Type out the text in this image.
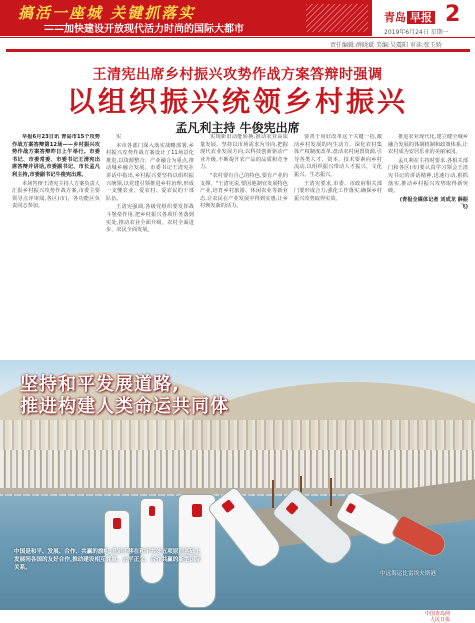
搞活一座城 关键抓落实
——加快建设开放现代活力时尚的国际大都市
青岛 早报 2
2019年6月24日 星期一
责任编辑:薛晓斌 美编:吴震阳 审读:张玉娇
王清宪出席乡村振兴攻势作战方案答辩时强调
以组织振兴统领乡村振兴
孟凡利主持 牛俊宪出席

早报6月23日讯 青岛市15个攻势作战方案答辩第12场——乡村振兴攻势作战方案答辩昨日上午举行。市委书记、市委常委、市委书记王清宪出席答辩并讲话,市委副书记、市长孟凡利主持,市委副书记牛俊宪出席。

本场答辩王清宪主持人方案负责人汇报乡村振兴攻势作战方案,市委主要领导点评审阅,各区(市)、各功能区负责同志参加。

实

本市各部门深入落实战略部署,乡村振兴攻势作战方案设计了11场景化推进,以资源整合、产业融合为重点,推动城乡融合发展。市委书记王清宪在讲话中指出,乡村振兴要坚持以组织振兴统领,以党建引领推进乡村治理,形成一支懂农业、爱农村、爱农民的干部队伍。

王清宪强调,各级党组织要发挥战斗堡垒作用,把乡村振兴各项任务落到实处,推动农业全面升级、农村全面进步、农民全面发展。

实现新旧动能转换,推动农业高质量发展。坚持以市场需求为导向,把握现代农业发展方向,以科技创新驱动产业升级,不断提升农产品的品质和竞争力。

"农村要有自己的特色,要有产业的支撑。"王清宪说,要因地制宜发展特色产业,培育乡村旅游、休闲农业等新业态,让农民在产业发展中得到实惠,让乡村焕发新的活力。

要善于用好改革这个关键一招,激活乡村发展的内生动力。深化农村集体产权制度改革,盘活农村闲置资源,引导各类人才、资本、技术要素向乡村流动,以组织振兴带动人才振兴、文化振兴、生态振兴。

王清宪要求,市委、市政府相关部门要形成合力,强化工作落实,确保乡村振兴攻势取得实效。

推进农业现代化,建立健全城乡融合发展的体制机制和政策体系,让农村成为安居乐业的美丽家园。

孟凡利在主持时要求,各相关部门和各区(市)要认真学习领会王清宪书记的讲话精神,迅速行动,狠抓落实,推动乡村振兴攻势取得新突破。

(青报全媒体记者 刘成龙 薛振飞)

坚持和平发展道路,
推进构建人类命运共同体
中国是和平、发展、合作、共赢的旗帜,坚定不移在和平共处五项原则基础上发展同各国的友好合作,推动建设相互尊重、公平正义、合作共赢的新型国际关系。
中远海运比雷埃夫斯港
中国青岛网
人民日报
